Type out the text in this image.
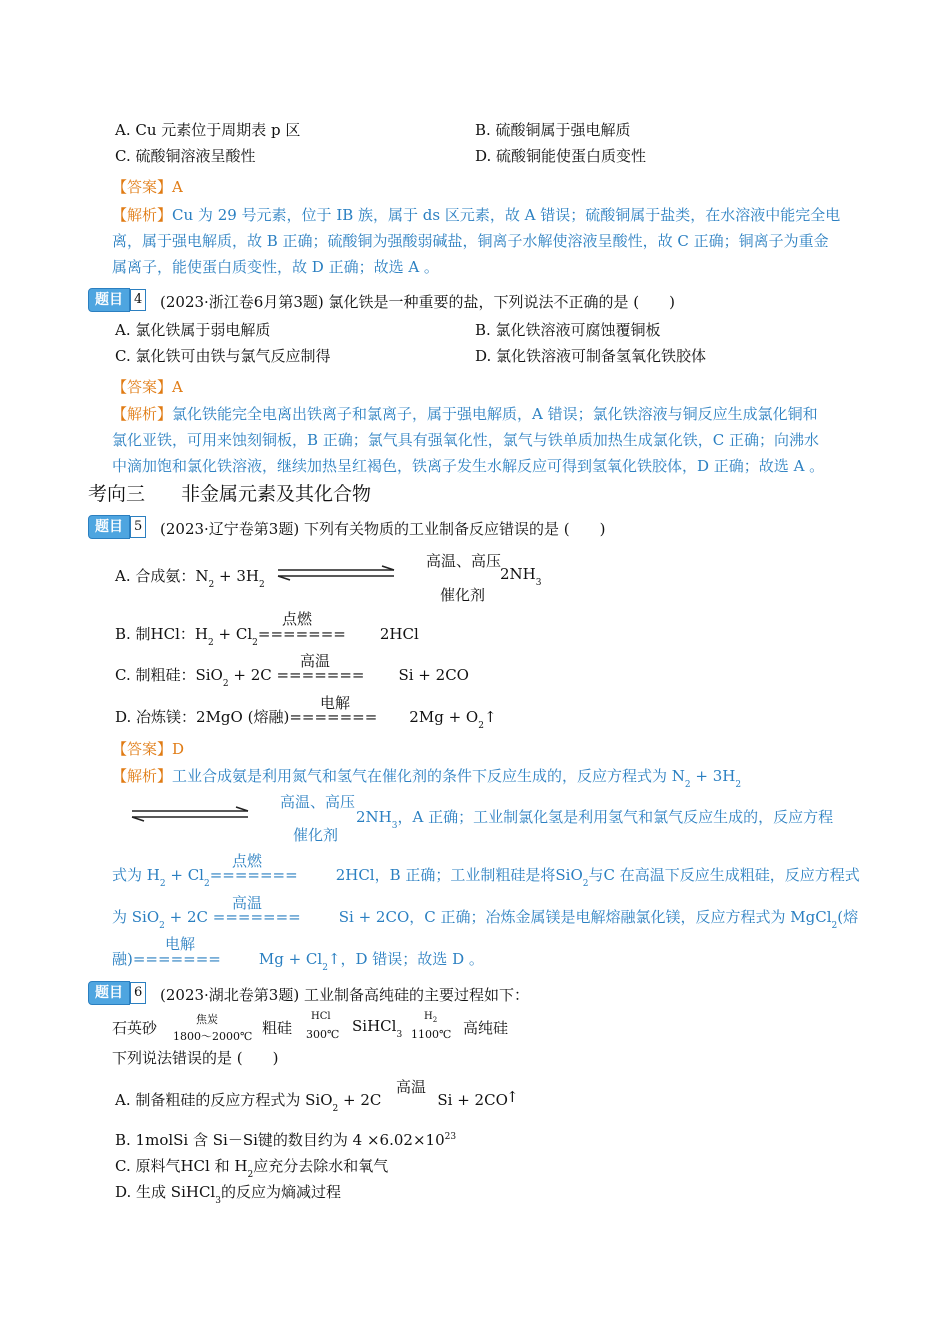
A. Cu 元素位于周期表 p 区	B. 硫酸铜属于强电解质
C. 硫酸铜溶液呈酸性	D. 硫酸铜能使蛋白质变性
【答案】A
【解析】Cu 为 29 号元素，位于 IB 族，属于 ds 区元素，故 A 错误；硫酸铜属于盐类，在水溶液中能完全电
离，属于强电解质，故 B 正确；硫酸铜为强酸弱碱盐，铜离子水解使溶液呈酸性，故 C 正确；铜离子为重金
属离子，能使蛋白质变性，故 D 正确；故选 A 。
题目 4 (2023·浙江卷6月第3题) 氯化铁是一种重要的盐，下列说法不正确的是 (　　)
A. 氯化铁属于弱电解质	B. 氯化铁溶液可腐蚀覆铜板
C. 氯化铁可由铁与氯气反应制得	D. 氯化铁溶液可制备氢氧化铁胶体
【答案】A
【解析】氯化铁能完全电离出铁离子和氯离子，属于强电解质，A 错误；氯化铁溶液与铜反应生成氯化铜和
氯化亚铁，可用来蚀刻铜板，B 正确；氯气具有强氧化性，氯气与铁单质加热生成氯化铁，C 正确；向沸水
中滴加饱和氯化铁溶液，继续加热呈红褐色，铁离子发生水解反应可得到氢氧化铁胶体，D 正确；故选 A 。
考向三 非金属元素及其化合物
题目 5 (2023·辽宁卷第3题) 下列有关物质的工业制备反应错误的是 (　　)
A. 合成氨：$N_2 + 3H_2$
高温、高压
$2NH_3$
催化剂
点燃
B. 制HCl：$H_2 + Cl_2======= 2HCl$
高温
C. 制粗硅：SiO$_2$ + 2C ======= Si + 2CO
电解
D. 冶炼镁：2MgO (熔融)======= $2Mg + O_2↑$
【答案】D
【解析】工业合成氨是利用氮气和氢气在催化剂的条件下反应生成的，反应方程式为 $N_2 + 3H_2$
高温、高压
催化剂
$2NH_3$，A 正确；工业制氯化氢是利用氢气和氯气反应生成的，反应方程
点燃
式为 $H_2 + Cl_2=======$	2HCl，B 正确；工业制粗硅是将SiO$_2$与C 在高温下反应生成粗硅，反应方程式
高温
为 SiO$_2$ + 2C =======	Si + 2CO，C 正确；冶炼金属镁是电解熔融氯化镁，反应方程式为 MgCl$_2$(熔
电解
融)=======	$Mg + Cl_2↑$，D 错误；故选 D 。
题目 6 (2023·湖北卷第3题) 工业制备高纯硅的主要过程如下：
石英砂	焦炭
1800～2000℃ 粗硅
HCl
300℃ SiHCl$_3$
$H_2$
1100℃ 高纯硅
下列说法错误的是 (　　)
高温
A. 制备粗硅的反应方程式为 SiO$_2$ + 2C	Si + 2CO
↑
B. 1molSi 含 Si－Si键的数目约为 $4 \times 6.02\times 10^{23}$
C. 原料气HCl 和 $H_2$应充分去除水和氧气
D. 生成 SiHCl$_3$的反应为熵减过程
